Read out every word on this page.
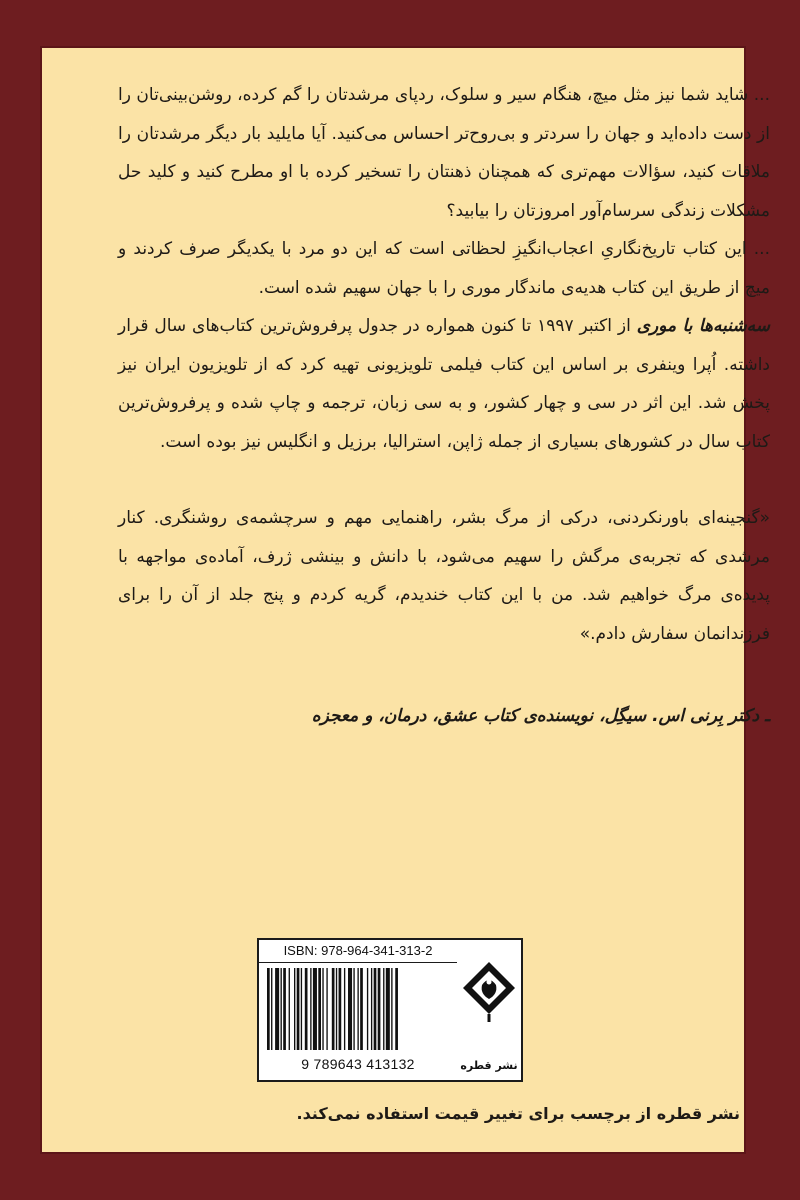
... شاید شما نیز مثل میچ، هنگام سیر و سلوک، ردپای مرشدتان را گم کرده، روشن‌بینی‌تان را از دست داده‌اید و جهان را سردتر و بی‌روح‌تر احساس می‌کنید. آیا مایلید بار دیگر مرشدتان را ملاقات کنید، سؤالات مهم‌تری که همچنان ذهنتان را تسخیر کرده با او مطرح کنید و کلید حل مشکلات زندگی سرسام‌آور امروزتان را بیابید؟

... این کتاب تاریخ‌نگاریِ اعجاب‌انگیزِ لحظاتی است که این دو مرد با یکدیگر صرف کردند و میچ از طریق این کتاب هدیه‌ی ماندگار موری را با جهان سهیم شده است.

سه‌شنبه‌ها با موری از اکتبر ۱۹۹۷ تا کنون همواره در جدول پرفروش‌ترین کتاب‌های سال قرار داشته. اُپرا وینفری بر اساس این کتاب فیلمی تلویزیونی تهیه کرد که از تلویزیون ایران نیز پخش شد. این اثر در سی و چهار کشور، و به سی زبان، ترجمه و چاپ شده و پرفروش‌ترین کتاب سال در کشورهای بسیاری از جمله ژاپن، استرالیا، برزیل و انگلیس نیز بوده است.

«گنجینه‌ای باورنکردنی، درکی از مرگ بشر، راهنمایی مهم و سرچشمه‌ی روشنگری. کنار مرشدی که تجربه‌ی مرگش را سهیم می‌شود، با دانش و بینشی ژرف، آماده‌ی مواجهه با پدیده‌ی مرگ خواهیم شد. من با این کتاب خندیدم، گریه کردم و پنج جلد از آن را برای فرزندانمان سفارش دادم.»

ـ دکتر بِرنی اس. سیگِل، نویسنده‌ی کتاب عشق، درمان، و معجزه

ISBN: 978-964-341-313-2
9 789643 413132	نشر قطره
نشر قطره از برچسب برای تغییر قیمت استفاده نمی‌کند.
